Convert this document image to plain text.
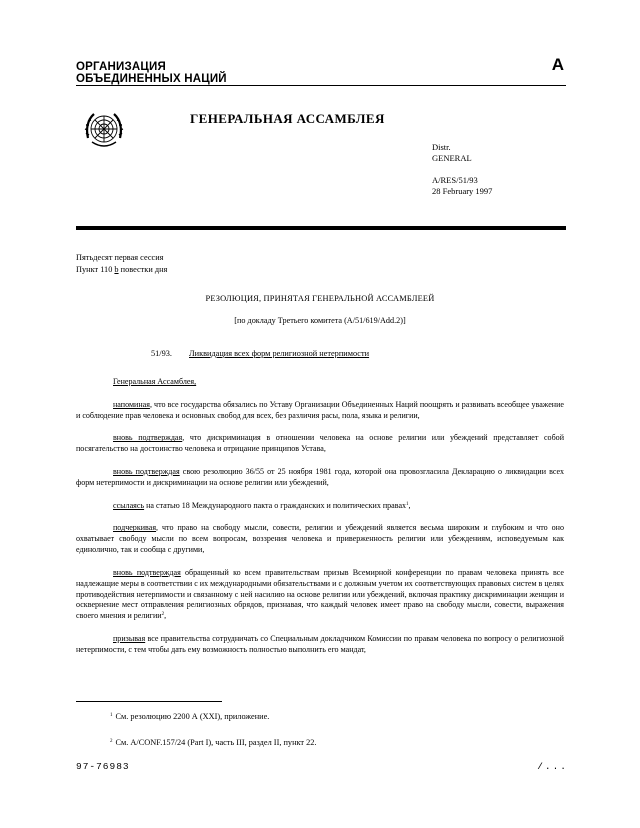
ОРГАНИЗАЦИЯ
ОБЪЕДИНЕННЫХ НАЦИЙ
A
ГЕНЕРАЛЬНАЯ АССАМБЛЕЯ
Distr.
GENERAL
A/RES/51/93
28 February 1997
Пятьдесят первая сессия
Пункт 110 b повестки дня
РЕЗОЛЮЦИЯ, ПРИНЯТАЯ ГЕНЕРАЛЬНОЙ АССАМБЛЕЕЙ
[по докладу Третьего комитета (A/51/619/Add.2)]
51/93. Ликвидация всех форм религиозной нетерпимости

Генеральная Ассамблея,

напоминая, что все государства обязались по Уставу Организации Объединенных Наций поощрять и развивать всеобщее уважение и соблюдение прав человека и основных свобод для всех, без различия расы, пола, языка и религии,

вновь подтверждая, что дискриминация в отношении человека на основе религии или убеждений представляет собой посягательство на достоинство человека и отрицание принципов Устава,

вновь подтверждая свою резолюцию 36/55 от 25 ноября 1981 года, которой она провозгласила Декларацию о ликвидации всех форм нетерпимости и дискриминации на основе религии или убеждений,

ссылаясь на статью 18 Международного пакта о гражданских и политических правах$^1$,

подчеркивая, что право на свободу мысли, совести, религии и убеждений является весьма широким и глубоким и что оно охватывает свободу мысли по всем вопросам, воззрения человека и приверженность религии или убеждениям, исповедуемым как единолично, так и сообща с другими,

вновь подтверждая обращенный ко всем правительствам призыв Всемирной конференции по правам человека принять все надлежащие меры в соответствии с их международными обязательствами и с должным учетом их соответствующих правовых систем в целях противодействия нетерпимости и связанному с ней насилию на основе религии или убеждений, включая практику дискриминации женщин и осквернение мест отправления религиозных обрядов, признавая, что каждый человек имеет право на свободу мысли, совести, выражения своего мнения и религии$^2$,

призывая все правительства сотрудничать со Специальным докладчиком Комиссии по правам человека по вопросу о религиозной нетерпимости, с тем чтобы дать ему возможность полностью выполнить его мандат,

$^1$ См. резолюцию 2200 А (XXI), приложение.
$^2$ См. A/CONF.157/24 (Part I), часть III, раздел II, пункт 22.
97-76983	/...
